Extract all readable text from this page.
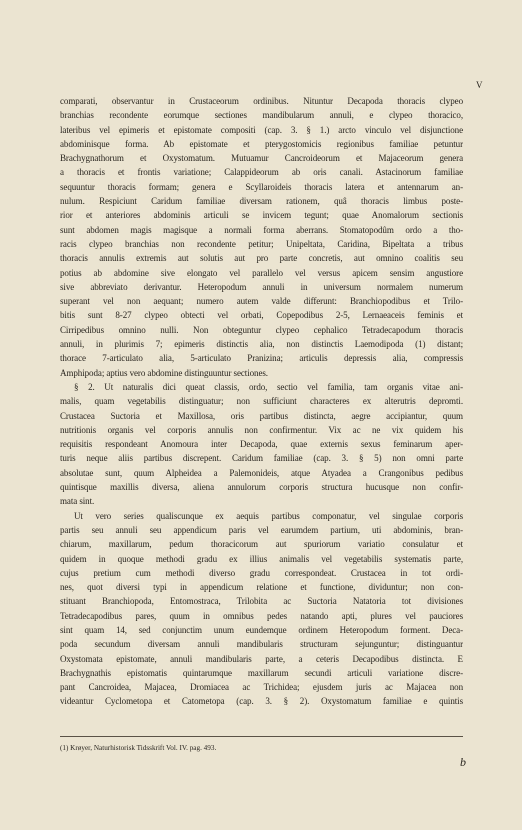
V
comparati, observantur in Crustaceorum ordinibus. Nituntur Decapoda thoracis clypeo
branchias recondente eorumque sectiones mandibularum annuli, e clypeo thoracico,
lateribus vel epimeris et epistomate compositi (cap. 3. § 1.) arcto vinculo vel disjunctione
abdominisque forma. Ab epistomate et pterygostomicis regionibus familiae petuntur
Brachygnathorum et Oxystomatum. Mutuamur Cancroideorum et Majaceorum genera
a thoracis et frontis variatione; Calappideorum ab oris canali. Astacinorum familiae
sequuntur thoracis formam; genera e Scyllaroideis thoracis latera et antennarum an-
nulum. Respiciunt Caridum familiae diversam rationem, quâ thoracis limbus poste-
rior et anteriores abdominis articuli se invicem tegunt; quae Anomalorum sectionis
sunt abdomen magis magisque a normali forma aberrans. Stomatopodûm ordo a tho-
racis clypeo branchias non recondente petitur; Unipeltata, Caridina, Bipeltata a tribus
thoracis annulis extremis aut solutis aut pro parte concretis, aut omnino coalitis seu
potius ab abdomine sive elongato vel parallelo vel versus apicem sensim angustiore
sive abbreviato derivantur. Heteropodum annuli in universum normalem numerum
superant vel non aequant; numero autem valde differunt: Branchiopodibus et Trilo-
bitis sunt 8-27 clypeo obtecti vel orbati, Copepodibus 2-5, Lernaeaceis feminis et
Cirripedibus omnino nulli. Non obteguntur clypeo cephalico Tetradecapodum thoracis
annuli, in plurimis 7; epimeris distinctis alia, non distinctis Laemodipoda (1) distant;
thorace 7-articulato alia, 5-articulato Pranizina; articulis depressis alia, compressis
Amphipoda; aptius vero abdomine distinguuntur sectiones.
§ 2. Ut naturalis dici queat classis, ordo, sectio vel familia, tam organis vitae ani-
malis, quam vegetabilis distinguatur; non sufficiunt characteres ex alterutris depromti.
Crustacea Suctoria et Maxillosa, oris partibus distincta, aegre accipiantur, quum
nutritionis organis vel corporis annulis non confirmentur. Vix ac ne vix quidem his
requisitis respondeant Anomoura inter Decapoda, quae externis sexus feminarum aper-
turis neque aliis partibus discrepent. Caridum familiae (cap. 3. § 5) non omni parte
absolutae sunt, quum Alpheidea a Palemonideis, atque Atyadea a Crangonibus pedibus
quintisque maxillis diversa, aliena annulorum corporis structura hucusque non confir-
mata sint.
Ut vero series qualiscunque ex aequis partibus componatur, vel singulae corporis
partis seu annuli seu appendicum paris vel earumdem partium, uti abdominis, bran-
chiarum, maxillarum, pedum thoracicorum aut spuriorum variatio consulatur et
quidem in quoque methodi gradu ex illius animalis vel vegetabilis systematis parte,
cujus pretium cum methodi diverso gradu correspondeat. Crustacea in tot ordi-
nes, quot diversi typi in appendicum relatione et functione, dividuntur; non con-
stituant Branchiopoda, Entomostraca, Trilobita ac Suctoria Natatoria tot divisiones
Tetradecapodibus pares, quum in omnibus pedes natando apti, plures vel pauciores
sint quam 14, sed conjunctim unum eundemque ordinem Heteropodum forment. Deca-
poda secundum diversam annuli mandibularis structuram sejunguntur; distinguantur
Oxystomata epistomate, annuli mandibularis parte, a ceteris Decapodibus distincta. E
Brachygnathis epistomatis quintarumque maxillarum secundi articuli variatione discre-
pant Cancroidea, Majacea, Dromiacea ac Trichidea; ejusdem juris ac Majacea non
videantur Cyclometopa et Catometopa (cap. 3. § 2). Oxystomatum familiae e quintis
(1) Krøyer, Naturhistorisk Tidsskrift Vol. IV. pag. 493.
b
